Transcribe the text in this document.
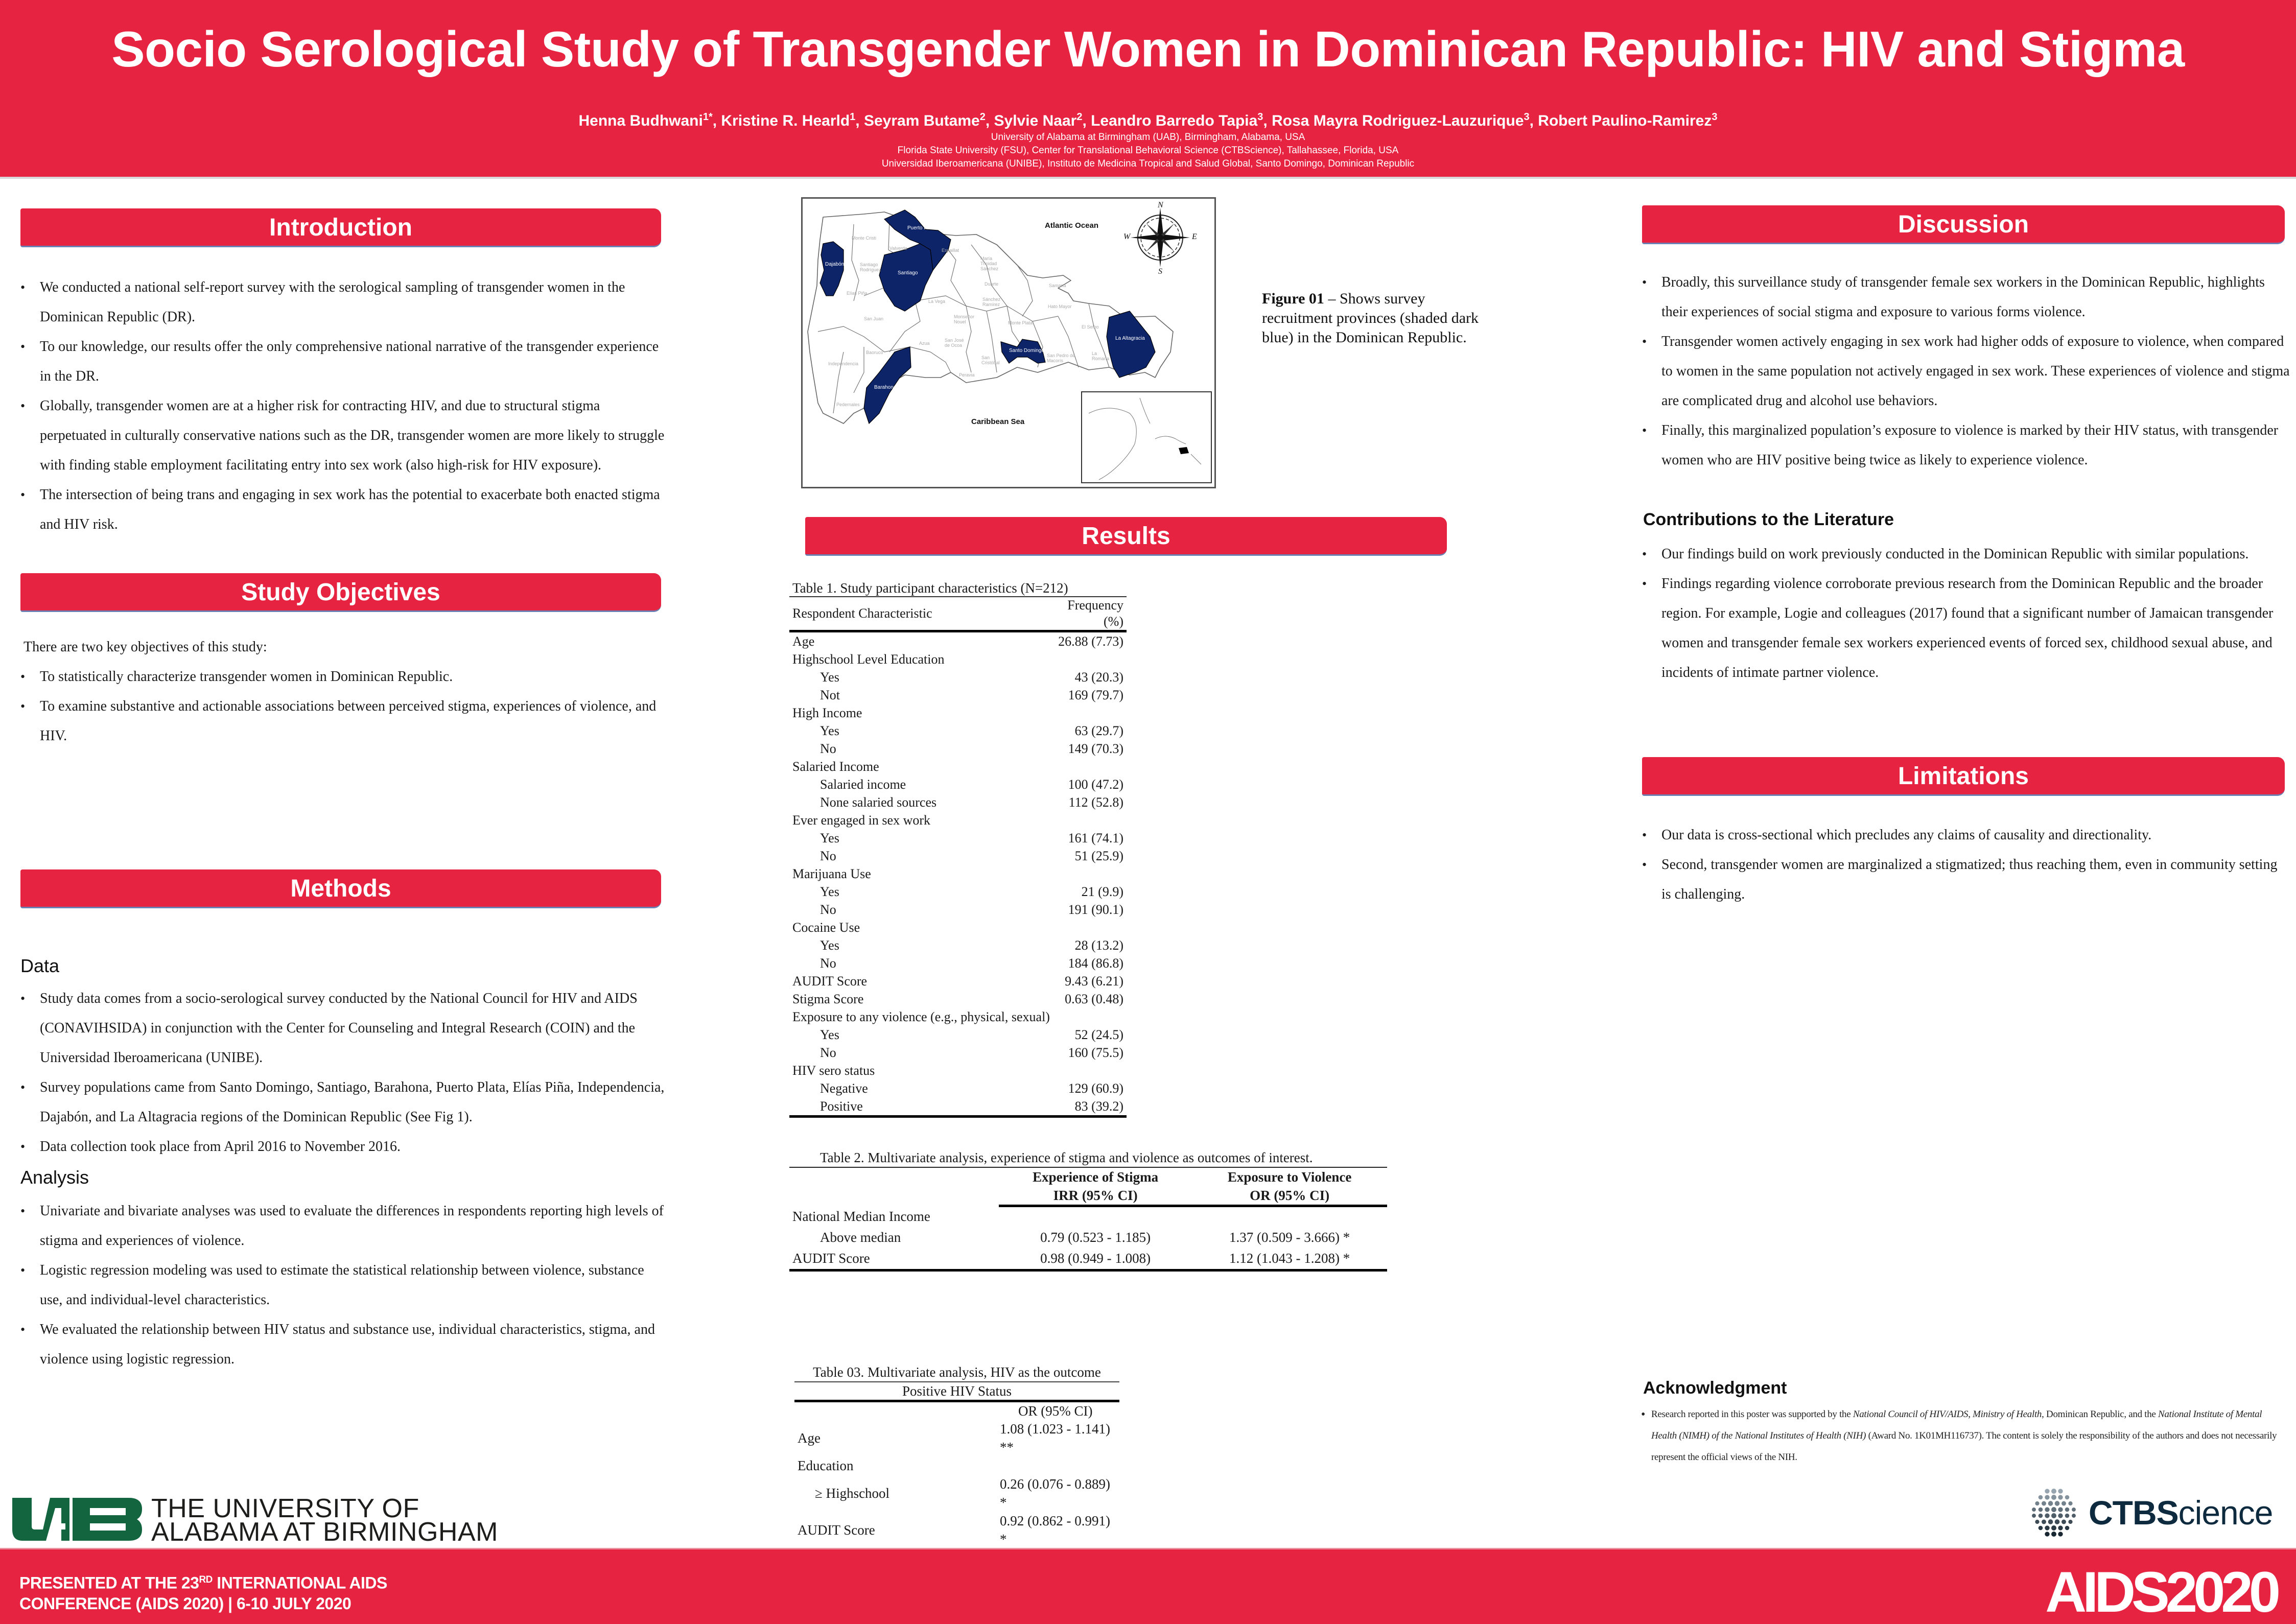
Socio Serological Study of Transgender Women in Dominican Republic: HIV and Stigma
Henna Budhwani$^{1*}$, Kristine R. Hearld$^1$, Seyram Butame$^2$, Sylvie Naar$^2$, Leandro Barredo Tapia$^3$, Rosa Mayra Rodriguez-Lauzurique$^3$, Robert Paulino-Ramirez$^3$
University of Alabama at Birmingham (UAB), Birmingham, Alabama, USA
Florida State University (FSU), Center for Translational Behavioral Science (CTBScience), Tallahassee, Florida, USA
Universidad Iberoamericana (UNIBE), Instituto de Medicina Tropical and Salud Global, Santo Domingo, Dominican Republic
Introduction
• We conducted a national self-report survey with the serological sampling of transgender women in the Dominican Republic (DR).
• To our knowledge, our results offer the only comprehensive national narrative of the transgender experience in the DR.
• Globally, transgender women are at a higher risk for contracting HIV, and due to structural stigma perpetuated in culturally conservative nations such as the DR, transgender women are more likely to struggle with finding stable employment facilitating entry into sex work (also high-risk for HIV exposure).
• The intersection of being trans and engaging in sex work has the potential to exacerbate both enacted stigma and HIV risk.
Study Objectives

There are two key objectives of this study:

• To statistically characterize transgender women in Dominican Republic.
• To examine substantive and actionable associations between perceived stigma, experiences of violence, and HIV.
Methods
Data
• Study data comes from a socio-serological survey conducted by the National Council for HIV and AIDS (CONAVIHSIDA) in conjunction with the Center for Counseling and Integral Research (COIN) and the Universidad Iberoamericana (UNIBE).
• Survey populations came from Santo Domingo, Santiago, Barahona, Puerto Plata, Elías Piña, Independencia, Dajabón, and La Altagracia regions of the Dominican Republic (See Fig 1).
• Data collection took place from April 2016 to November 2016.
Analysis
• Univariate and bivariate analyses was used to evaluate the differences in respondents reporting high levels of stigma and experiences of violence.
• Logistic regression modeling was used to estimate the statistical relationship between violence, substance use, and individual-level characteristics.
• We evaluated the relationship between HIV status and substance use, individual characteristics, stigma, and violence using logistic regression.
THE UNIVERSITY OF
ALABAMA AT BIRMINGHAM
N
S
W	E
Atlantic Ocean
Caribbean Sea
Puerto Plata
Dajabón
Santiago
Santo Domingo
La Altagracia
Barahona
Monte Cristi
Valverde
Santiago Rodríguez
Espaillat
María Trinidad Sánchez
Duarte	Samaná
Elías Piña
La Vega	Sánchez Ramírez	Hato Mayor
Monseñor Nouel
San Juan
Monte Plata
El Seibo
San José de Ocoa
Azua
Baoruco
San Pedro de Macorís
La Romana
Independencia
San Cristóbal
Peravia
Pedernales
Figure 01 – Shows survey recruitment provinces (shaded dark blue) in the Dominican Republic.
Results
Table 1. Study participant characteristics (N=212)
Respondent Characteristic	Frequency (%)
Age	26.88 (7.73)
Highschool Level Education	
Yes	43 (20.3)
Not	169 (79.7)
High Income	
Yes	63 (29.7)
No	149 (70.3)
Salaried Income	
Salaried income	100 (47.2)
None salaried sources	112 (52.8)
Ever engaged in sex work	
Yes	161 (74.1)
No	51 (25.9)
Marijuana Use	
Yes	21 (9.9)
No	191 (90.1)
Cocaine Use	
Yes	28 (13.2)
No	184 (86.8)
AUDIT Score	9.43 (6.21)
Stigma Score	0.63 (0.48)
Exposure to any violence (e.g., physical, sexual)	
Yes	52 (24.5)
No	160 (75.5)
HIV sero status	
Negative	129 (60.9)
Positive	83 (39.2)
Table 2. Multivariate analysis, experience of stigma and violence as outcomes of interest.
	Experience of Stigma	Exposure to Violence
	IRR (95% CI)	OR (95% CI)
National Median Income		
Above median	0.79 (0.523 - 1.185)	1.37 (0.509 - 3.666) *
AUDIT Score	0.98 (0.949 - 1.008)	1.12 (1.043 - 1.208) *
Table 03. Multivariate analysis, HIV as the outcome
Positive HIV Status	
	OR (95% CI)
Age	1.08 (1.023 - 1.141) **
Education	
≥ Highschool	0.26 (0.076 - 0.889) *
AUDIT Score	0.92 (0.862 - 0.991) *

Discussion
• Broadly, this surveillance study of transgender female sex workers in the Dominican Republic, highlights their experiences of social stigma and exposure to various forms violence.
• Transgender women actively engaging in sex work had higher odds of exposure to violence, when compared to women in the same population not actively engaged in sex work. These experiences of violence and stigma are complicated drug and alcohol use behaviors.
• Finally, this marginalized population’s exposure to violence is marked by their HIV status, with transgender women who are HIV positive being twice as likely to experience violence.
Contributions to the Literature
• Our findings build on work previously conducted in the Dominican Republic with similar populations.
• Findings regarding violence corroborate previous research from the Dominican Republic and the broader region. For example, Logie and colleagues (2017) found that a significant number of Jamaican transgender women and transgender female sex workers experienced events of forced sex, childhood sexual abuse, and incidents of intimate partner violence.
Limitations
• Our data is cross-sectional which precludes any claims of causality and directionality.
• Second, transgender women are marginalized a stigmatized; thus reaching them, even in community setting is challenging.
Acknowledgment
• Research reported in this poster was supported by the National Council of HIV/AIDS, Ministry of Health, Dominican Republic, and the National Institute of Mental Health (NIMH) of the National Institutes of Health (NIH) (Award No. 1K01MH116737). The content is solely the responsibility of the authors and does not necessarily represent the official views of the NIH.
CTBScience
PRESENTED AT THE 23RD INTERNATIONAL AIDS
CONFERENCE (AIDS 2020) | 6-10 JULY 2020	AIDS2020
